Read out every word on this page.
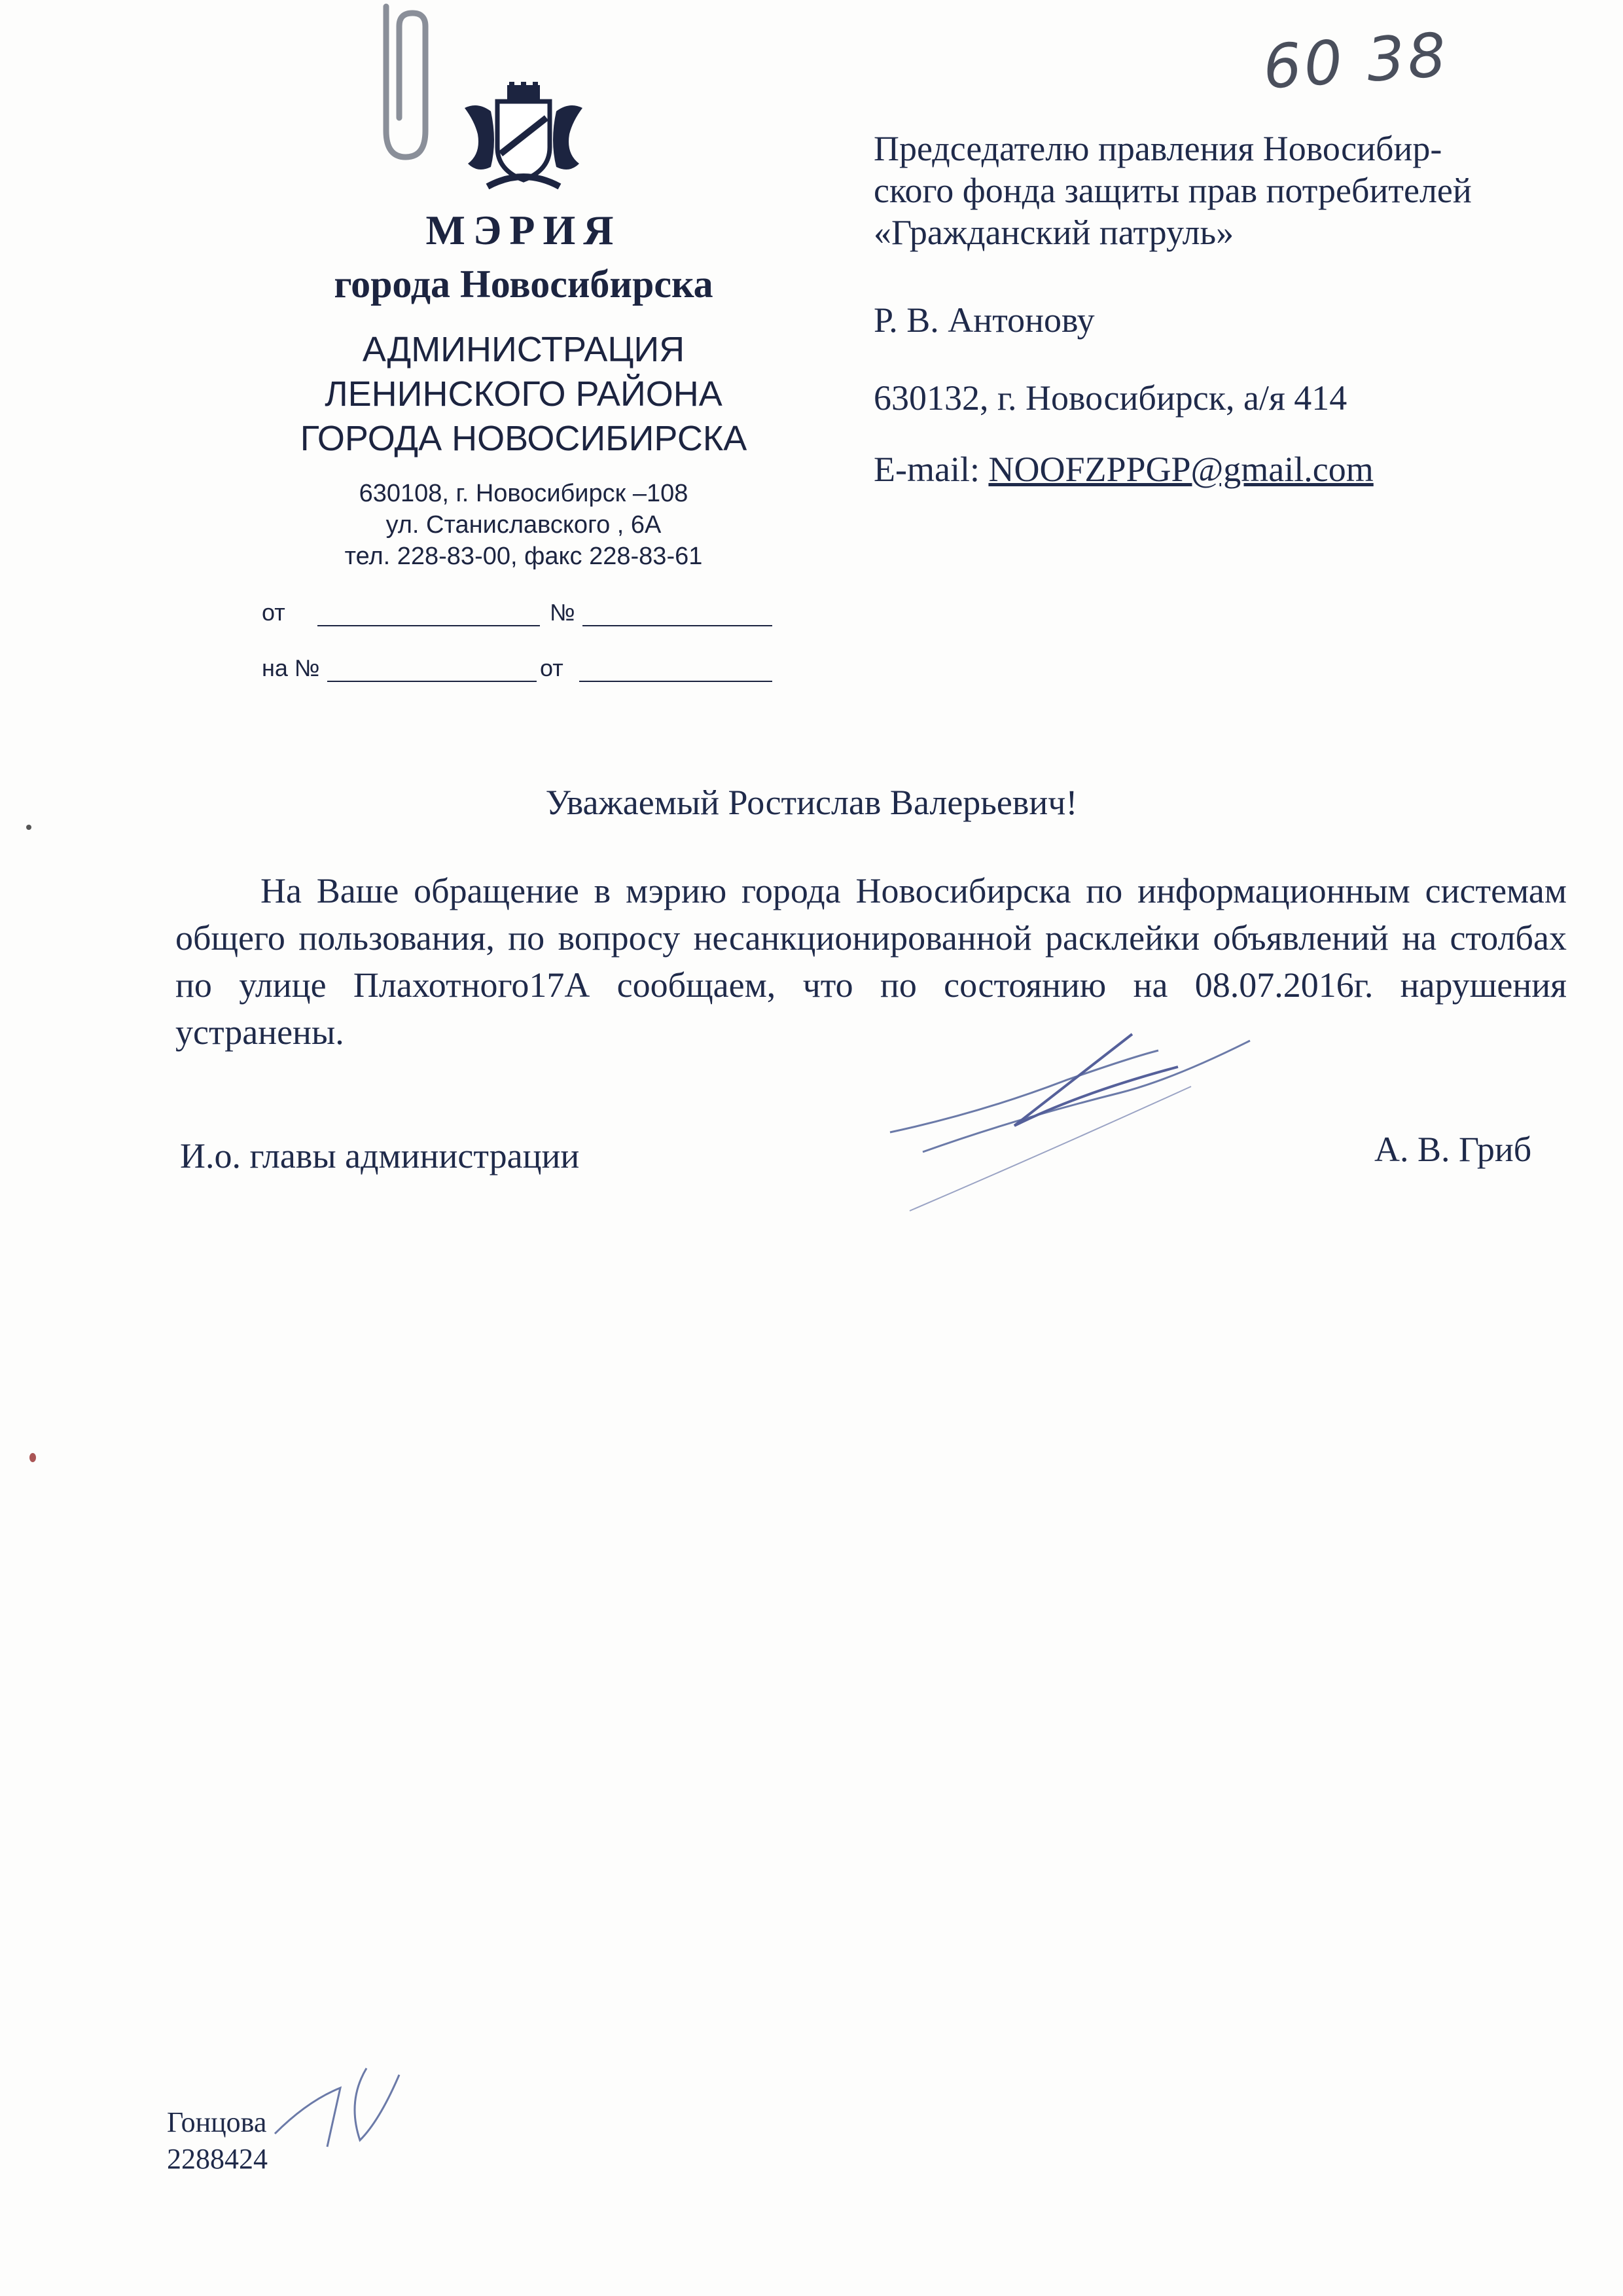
60 38
МЭРИЯ
города Новосибирска
АДМИНИСТРАЦИЯ
ЛЕНИНСКОГО РАЙОНА
ГОРОДА НОВОСИБИРСКА
630108, г. Новосибирск –108
ул. Станиславского , 6А
тел. 228-83-00, факс 228-83-61
от	№
на №	от
Председателю правления Новосибир-
ского фонда защиты прав потребителей
«Гражданский патруль»
Р. В. Антонову
630132, г. Новосибирск, а/я 414
E-mail: NOOFZPPGP@gmail.com
Уважаемый Ростислав Валерьевич!

На Ваше обращение в мэрию города Новосибирска по информационным системам общего пользования, по вопросу несанкционированной расклейки объявлений на столбах по улице Плахотного17А сообщаем, что по состоянию на 08.07.2016г. нарушения устранены.

И.о. главы администрации	А. В. Гриб
Гонцова
2288424
